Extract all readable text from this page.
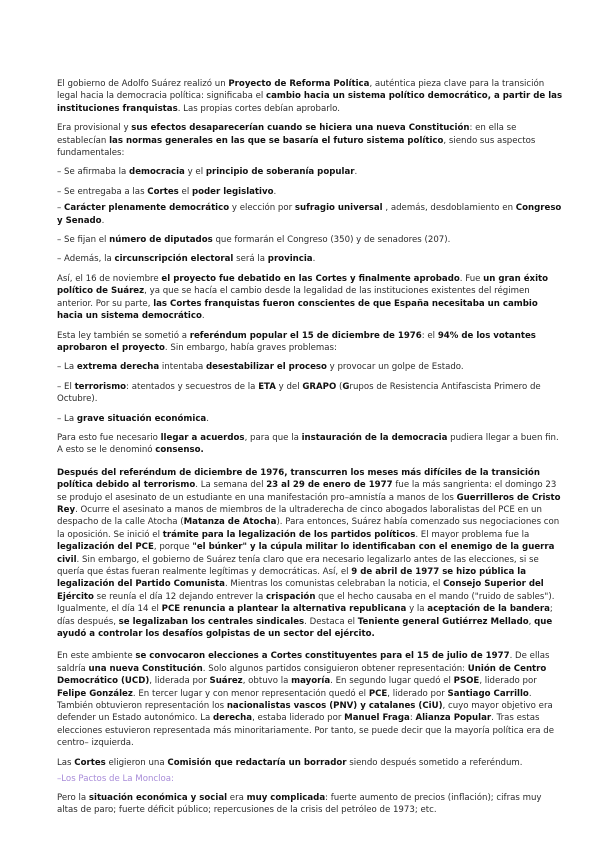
El gobierno de Adolfo Suárez realizó un Proyecto de Reforma Política, auténtica pieza clave para la transición legal hacia la democracia política: significaba el cambio hacia un sistema político democrático, a partir de las instituciones franquistas. Las propias cortes debían aprobarlo.

Era provisional y sus efectos desaparecerían cuando se hiciera una nueva Constitución: en ella se establecían las normas generales en las que se basaría el futuro sistema político, siendo sus aspectos fundamentales:

– Se afirmaba la democracia y el principio de soberanía popular.

– Se entregaba a las Cortes el poder legislativo.

– Carácter plenamente democrático y elección por sufragio universal , además, desdoblamiento en Congreso y Senado.

– Se fijan el número de diputados que formarán el Congreso (350) y de senadores (207).

– Además, la circunscripción electoral será la provincia.

Así, el 16 de noviembre el proyecto fue debatido en las Cortes y finalmente aprobado. Fue un gran éxito político de Suárez, ya que se hacía el cambio desde la legalidad de las instituciones existentes del régimen anterior. Por su parte, las Cortes franquistas fueron conscientes de que España necesitaba un cambio hacia un sistema democrático.

Esta ley también se sometió a referéndum popular el 15 de diciembre de 1976: el 94% de los votantes aprobaron el proyecto. Sin embargo, había graves problemas:

– La extrema derecha intentaba desestabilizar el proceso y provocar un golpe de Estado.

– El terrorismo: atentados y secuestros de la ETA y del GRAPO (Grupos de Resistencia Antifascista Primero de Octubre).

– La grave situación económica.

Para esto fue necesario llegar a acuerdos, para que la instauración de la democracia pudiera llegar a buen fin. A esto se le denominó consenso.

Después del referéndum de diciembre de 1976, transcurren los meses más difíciles de la transición política debido al terrorismo. La semana del 23 al 29 de enero de 1977 fue la más sangrienta: el domingo 23 se produjo el asesinato de un estudiante en una manifestación pro–amnistía a manos de los Guerrilleros de Cristo Rey. Ocurre el asesinato a manos de miembros de la ultraderecha de cinco abogados laboralistas del PCE en un despacho de la calle Atocha (Matanza de Atocha). Para entonces, Suárez había comenzado sus negociaciones con la oposición. Se inició el trámite para la legalización de los partidos políticos. El mayor problema fue la legalización del PCE, porque "el búnker" y la cúpula militar lo identificaban con el enemigo de la guerra civil. Sin embargo, el gobierno de Suárez tenía claro que era necesario legalizarlo antes de las elecciones, si se quería que éstas fueran realmente legítimas y democráticas. Así, el 9 de abril de 1977 se hizo pública la legalización del Partido Comunista. Mientras los comunistas celebraban la noticia, el Consejo Superior del Ejército se reunía el día 12 dejando entrever la crispación que el hecho causaba en el mando ("ruido de sables"). Igualmente, el día 14 el PCE renuncia a plantear la alternativa republicana y la aceptación de la bandera; días después, se legalizaban los centrales sindicales. Destaca el Teniente general Gutiérrez Mellado, que ayudó a controlar los desafíos golpistas de un sector del ejército.

En este ambiente se convocaron elecciones a Cortes constituyentes para el 15 de julio de 1977. De ellas saldría una nueva Constitución. Solo algunos partidos consiguieron obtener representación: Unión de Centro Democrático (UCD), liderada por Suárez, obtuvo la mayoría. En segundo lugar quedó el PSOE, liderado por Felipe González. En tercer lugar y con menor representación quedó el PCE, liderado por Santiago Carrillo. También obtuvieron representación los nacionalistas vascos (PNV) y catalanes (CiU), cuyo mayor objetivo era defender un Estado autonómico. La derecha, estaba liderado por Manuel Fraga: Alianza Popular. Tras estas elecciones estuvieron representada más minoritariamente. Por tanto, se puede decir que la mayoría política era de centro– izquierda.

Las Cortes eligieron una Comisión que redactaría un borrador siendo después sometido a referéndum.

–Los Pactos de La Moncloa:

Pero la situación económica y social era muy complicada: fuerte aumento de precios (inflación); cifras muy altas de paro; fuerte déficit público; repercusiones de la crisis del petróleo de 1973; etc.
